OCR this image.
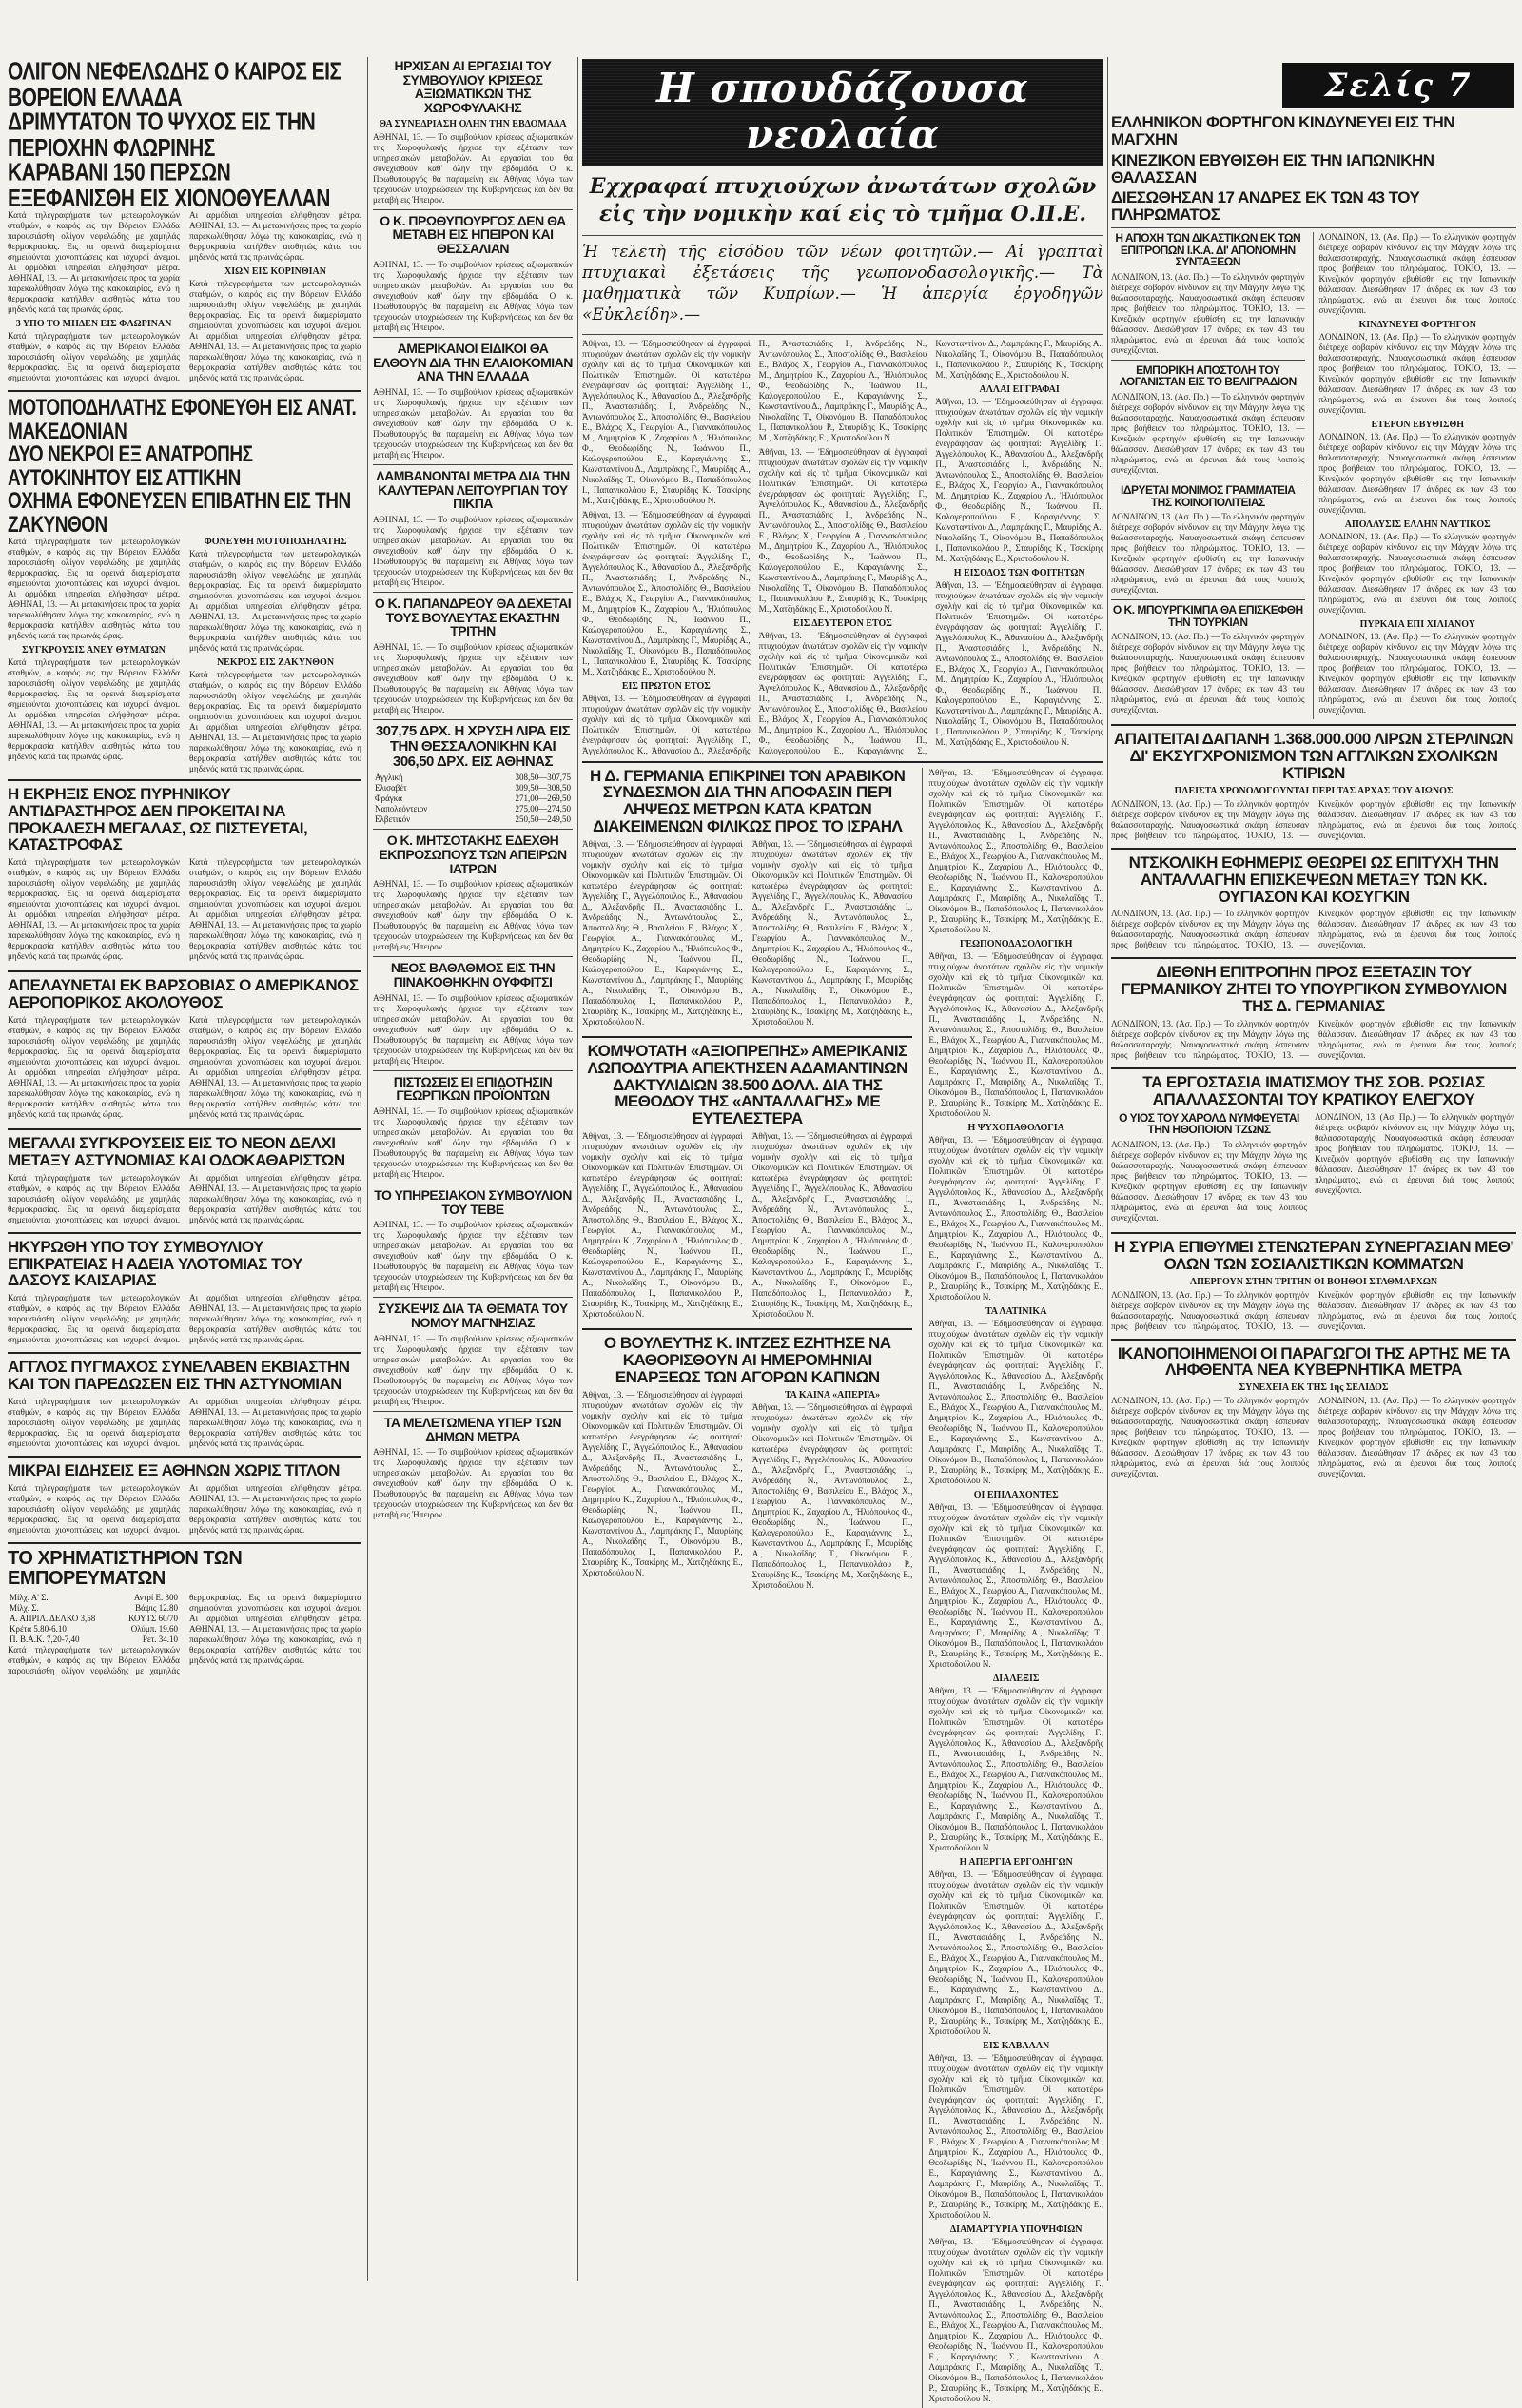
Σελίς 7
ΟΛΙΓΟΝ ΝΕΦΕΛΩΔΗΣ Ο ΚΑΙΡΟΣ ΕΙΣ ΒΟΡΕΙΟΝ ΕΛΛΑΔΑ
ΔΡΙΜΥΤΑΤΟΝ ΤΟ ΨΥΧΟΣ ΕΙΣ ΤΗΝ ΠΕΡΙΟΧΗΝ ΦΛΩΡΙΝΗΣ
ΚΑΡΑΒΑΝΙ 150 ΠΕΡΣΩΝ ΕΞΕΦΑΝΙΣΘΗ ΕΙΣ ΧΙΟΝΟΘΥΕΛΛΑΝ

Κατά τηλεγραφήματα των μετεωρολογικών σταθμών, ο καιρός εις την Βόρειον Ελλάδα παρουσιάσθη ολίγον νεφελώδης με χαμηλάς θερμοκρασίας. Εις τα ορεινά διαμερίσματα σημειούνται χιονοπτώσεις και ισχυροί άνεμοι. Αι αρμόδιαι υπηρεσίαι ελήφθησαν μέτρα. ΑΘΗΝΑΙ, 13. — Αι μετακινήσεις προς τα χωρία παρεκωλύθησαν λόγω της κακοκαιρίας, ενώ η θερμοκρασία κατήλθεν αισθητώς κάτω του μηδενός κατά τας πρωινάς ώρας.

3 ΥΠΟ ΤΟ ΜΗΔΕΝ ΕΙΣ ΦΛΩΡΙΝΑΝ

Κατά τηλεγραφήματα των μετεωρολογικών σταθμών, ο καιρός εις την Βόρειον Ελλάδα παρουσιάσθη ολίγον νεφελώδης με χαμηλάς θερμοκρασίας. Εις τα ορεινά διαμερίσματα σημειούνται χιονοπτώσεις και ισχυροί άνεμοι. Αι αρμόδιαι υπηρεσίαι ελήφθησαν μέτρα. ΑΘΗΝΑΙ, 13. — Αι μετακινήσεις προς τα χωρία παρεκωλύθησαν λόγω της κακοκαιρίας, ενώ η θερμοκρασία κατήλθεν αισθητώς κάτω του μηδενός κατά τας πρωινάς ώρας.

ΧΙΩΝ ΕΙΣ ΚΟΡΙΝΘΙΑΝ

Κατά τηλεγραφήματα των μετεωρολογικών σταθμών, ο καιρός εις την Βόρειον Ελλάδα παρουσιάσθη ολίγον νεφελώδης με χαμηλάς θερμοκρασίας. Εις τα ορεινά διαμερίσματα σημειούνται χιονοπτώσεις και ισχυροί άνεμοι. Αι αρμόδιαι υπηρεσίαι ελήφθησαν μέτρα. ΑΘΗΝΑΙ, 13. — Αι μετακινήσεις προς τα χωρία παρεκωλύθησαν λόγω της κακοκαιρίας, ενώ η θερμοκρασία κατήλθεν αισθητώς κάτω του μηδενός κατά τας πρωινάς ώρας.

ΜΟΤΟΠΟΔΗΛΑΤΗΣ ΕΦΟΝΕΥΘΗ ΕΙΣ ΑΝΑΤ. ΜΑΚΕΔΟΝΙΑΝ
ΔΥΟ ΝΕΚΡΟΙ ΕΞ ΑΝΑΤΡΟΠΗΣ ΑΥΤΟΚΙΝΗΤΟΥ ΕΙΣ ΑΤΤΙΚΗΝ
ΟΧΗΜΑ ΕΦΟΝΕΥΣΕΝ ΕΠΙΒΑΤΗΝ ΕΙΣ ΤΗΝ ΖΑΚΥΝΘΟΝ

Κατά τηλεγραφήματα των μετεωρολογικών σταθμών, ο καιρός εις την Βόρειον Ελλάδα παρουσιάσθη ολίγον νεφελώδης με χαμηλάς θερμοκρασίας. Εις τα ορεινά διαμερίσματα σημειούνται χιονοπτώσεις και ισχυροί άνεμοι. Αι αρμόδιαι υπηρεσίαι ελήφθησαν μέτρα. ΑΘΗΝΑΙ, 13. — Αι μετακινήσεις προς τα χωρία παρεκωλύθησαν λόγω της κακοκαιρίας, ενώ η θερμοκρασία κατήλθεν αισθητώς κάτω του μηδενός κατά τας πρωινάς ώρας.

ΣΥΓΚΡΟΥΣΙΣ ΑΝΕΥ ΘΥΜΑΤΩΝ

Κατά τηλεγραφήματα των μετεωρολογικών σταθμών, ο καιρός εις την Βόρειον Ελλάδα παρουσιάσθη ολίγον νεφελώδης με χαμηλάς θερμοκρασίας. Εις τα ορεινά διαμερίσματα σημειούνται χιονοπτώσεις και ισχυροί άνεμοι. Αι αρμόδιαι υπηρεσίαι ελήφθησαν μέτρα. ΑΘΗΝΑΙ, 13. — Αι μετακινήσεις προς τα χωρία παρεκωλύθησαν λόγω της κακοκαιρίας, ενώ η θερμοκρασία κατήλθεν αισθητώς κάτω του μηδενός κατά τας πρωινάς ώρας.

ΦΟΝΕΥΘΗ ΜΟΤΟΠΟΔΗΛΑΤΗΣ

Κατά τηλεγραφήματα των μετεωρολογικών σταθμών, ο καιρός εις την Βόρειον Ελλάδα παρουσιάσθη ολίγον νεφελώδης με χαμηλάς θερμοκρασίας. Εις τα ορεινά διαμερίσματα σημειούνται χιονοπτώσεις και ισχυροί άνεμοι. Αι αρμόδιαι υπηρεσίαι ελήφθησαν μέτρα. ΑΘΗΝΑΙ, 13. — Αι μετακινήσεις προς τα χωρία παρεκωλύθησαν λόγω της κακοκαιρίας, ενώ η θερμοκρασία κατήλθεν αισθητώς κάτω του μηδενός κατά τας πρωινάς ώρας.

ΝΕΚΡΟΣ ΕΙΣ ΖΑΚΥΝΘΟΝ

Κατά τηλεγραφήματα των μετεωρολογικών σταθμών, ο καιρός εις την Βόρειον Ελλάδα παρουσιάσθη ολίγον νεφελώδης με χαμηλάς θερμοκρασίας. Εις τα ορεινά διαμερίσματα σημειούνται χιονοπτώσεις και ισχυροί άνεμοι. Αι αρμόδιαι υπηρεσίαι ελήφθησαν μέτρα. ΑΘΗΝΑΙ, 13. — Αι μετακινήσεις προς τα χωρία παρεκωλύθησαν λόγω της κακοκαιρίας, ενώ η θερμοκρασία κατήλθεν αισθητώς κάτω του μηδενός κατά τας πρωινάς ώρας.

Η ΕΚΡΗΞΙΣ ΕΝΟΣ ΠΥΡΗΝΙΚΟΥ ΑΝΤΙΔΡΑΣΤΗΡΟΣ ΔΕΝ ΠΡΟΚΕΙΤΑΙ ΝΑ ΠΡΟΚΑΛΕΣΗ ΜΕΓΑΛΑΣ, ΩΣ ΠΙΣΤΕΥΕΤΑΙ, ΚΑΤΑΣΤΡΟΦΑΣ

Κατά τηλεγραφήματα των μετεωρολογικών σταθμών, ο καιρός εις την Βόρειον Ελλάδα παρουσιάσθη ολίγον νεφελώδης με χαμηλάς θερμοκρασίας. Εις τα ορεινά διαμερίσματα σημειούνται χιονοπτώσεις και ισχυροί άνεμοι. Αι αρμόδιαι υπηρεσίαι ελήφθησαν μέτρα. ΑΘΗΝΑΙ, 13. — Αι μετακινήσεις προς τα χωρία παρεκωλύθησαν λόγω της κακοκαιρίας, ενώ η θερμοκρασία κατήλθεν αισθητώς κάτω του μηδενός κατά τας πρωινάς ώρας.

Κατά τηλεγραφήματα των μετεωρολογικών σταθμών, ο καιρός εις την Βόρειον Ελλάδα παρουσιάσθη ολίγον νεφελώδης με χαμηλάς θερμοκρασίας. Εις τα ορεινά διαμερίσματα σημειούνται χιονοπτώσεις και ισχυροί άνεμοι. Αι αρμόδιαι υπηρεσίαι ελήφθησαν μέτρα. ΑΘΗΝΑΙ, 13. — Αι μετακινήσεις προς τα χωρία παρεκωλύθησαν λόγω της κακοκαιρίας, ενώ η θερμοκρασία κατήλθεν αισθητώς κάτω του μηδενός κατά τας πρωινάς ώρας.

ΑΠΕΛΑΥΝΕΤΑΙ ΕΚ ΒΑΡΣΟΒΙΑΣ Ο ΑΜΕΡΙΚΑΝΟΣ ΑΕΡΟΠΟΡΙΚΟΣ ΑΚΟΛΟΥΘΟΣ

Κατά τηλεγραφήματα των μετεωρολογικών σταθμών, ο καιρός εις την Βόρειον Ελλάδα παρουσιάσθη ολίγον νεφελώδης με χαμηλάς θερμοκρασίας. Εις τα ορεινά διαμερίσματα σημειούνται χιονοπτώσεις και ισχυροί άνεμοι. Αι αρμόδιαι υπηρεσίαι ελήφθησαν μέτρα. ΑΘΗΝΑΙ, 13. — Αι μετακινήσεις προς τα χωρία παρεκωλύθησαν λόγω της κακοκαιρίας, ενώ η θερμοκρασία κατήλθεν αισθητώς κάτω του μηδενός κατά τας πρωινάς ώρας.

Κατά τηλεγραφήματα των μετεωρολογικών σταθμών, ο καιρός εις την Βόρειον Ελλάδα παρουσιάσθη ολίγον νεφελώδης με χαμηλάς θερμοκρασίας. Εις τα ορεινά διαμερίσματα σημειούνται χιονοπτώσεις και ισχυροί άνεμοι. Αι αρμόδιαι υπηρεσίαι ελήφθησαν μέτρα. ΑΘΗΝΑΙ, 13. — Αι μετακινήσεις προς τα χωρία παρεκωλύθησαν λόγω της κακοκαιρίας, ενώ η θερμοκρασία κατήλθεν αισθητώς κάτω του μηδενός κατά τας πρωινάς ώρας.

ΜΕΓΑΛΑΙ ΣΥΓΚΡΟΥΣΕΙΣ ΕΙΣ ΤΟ ΝΕΟΝ ΔΕΛΧΙ ΜΕΤΑΞΥ ΑΣΤΥΝΟΜΙΑΣ ΚΑΙ ΟΔΟΚΑΘΑΡΙΣΤΩΝ

Κατά τηλεγραφήματα των μετεωρολογικών σταθμών, ο καιρός εις την Βόρειον Ελλάδα παρουσιάσθη ολίγον νεφελώδης με χαμηλάς θερμοκρασίας. Εις τα ορεινά διαμερίσματα σημειούνται χιονοπτώσεις και ισχυροί άνεμοι. Αι αρμόδιαι υπηρεσίαι ελήφθησαν μέτρα. ΑΘΗΝΑΙ, 13. — Αι μετακινήσεις προς τα χωρία παρεκωλύθησαν λόγω της κακοκαιρίας, ενώ η θερμοκρασία κατήλθεν αισθητώς κάτω του μηδενός κατά τας πρωινάς ώρας.

ΗΚΥΡΩΘΗ ΥΠΟ ΤΟΥ ΣΥΜΒΟΥΛΙΟΥ ΕΠΙΚΡΑΤΕΙΑΣ Η ΑΔΕΙΑ ΥΛΟΤΟΜΙΑΣ ΤΟΥ ΔΑΣΟΥΣ ΚΑΙΣΑΡΙΑΣ

Κατά τηλεγραφήματα των μετεωρολογικών σταθμών, ο καιρός εις την Βόρειον Ελλάδα παρουσιάσθη ολίγον νεφελώδης με χαμηλάς θερμοκρασίας. Εις τα ορεινά διαμερίσματα σημειούνται χιονοπτώσεις και ισχυροί άνεμοι. Αι αρμόδιαι υπηρεσίαι ελήφθησαν μέτρα. ΑΘΗΝΑΙ, 13. — Αι μετακινήσεις προς τα χωρία παρεκωλύθησαν λόγω της κακοκαιρίας, ενώ η θερμοκρασία κατήλθεν αισθητώς κάτω του μηδενός κατά τας πρωινάς ώρας.

ΑΓΓΛΟΣ ΠΥΓΜΑΧΟΣ ΣΥΝΕΛΑΒΕΝ ΕΚΒΙΑΣΤΗΝ ΚΑΙ ΤΟΝ ΠΑΡΕΔΩΣΕΝ ΕΙΣ ΤΗΝ ΑΣΤΥΝΟΜΙΑΝ

Κατά τηλεγραφήματα των μετεωρολογικών σταθμών, ο καιρός εις την Βόρειον Ελλάδα παρουσιάσθη ολίγον νεφελώδης με χαμηλάς θερμοκρασίας. Εις τα ορεινά διαμερίσματα σημειούνται χιονοπτώσεις και ισχυροί άνεμοι. Αι αρμόδιαι υπηρεσίαι ελήφθησαν μέτρα. ΑΘΗΝΑΙ, 13. — Αι μετακινήσεις προς τα χωρία παρεκωλύθησαν λόγω της κακοκαιρίας, ενώ η θερμοκρασία κατήλθεν αισθητώς κάτω του μηδενός κατά τας πρωινάς ώρας.

ΜΙΚΡΑΙ ΕΙΔΗΣΕΙΣ ΕΞ ΑΘΗΝΩΝ ΧΩΡΙΣ ΤΙΤΛΟΝ

Κατά τηλεγραφήματα των μετεωρολογικών σταθμών, ο καιρός εις την Βόρειον Ελλάδα παρουσιάσθη ολίγον νεφελώδης με χαμηλάς θερμοκρασίας. Εις τα ορεινά διαμερίσματα σημειούνται χιονοπτώσεις και ισχυροί άνεμοι. Αι αρμόδιαι υπηρεσίαι ελήφθησαν μέτρα. ΑΘΗΝΑΙ, 13. — Αι μετακινήσεις προς τα χωρία παρεκωλύθησαν λόγω της κακοκαιρίας, ενώ η θερμοκρασία κατήλθεν αισθητώς κάτω του μηδενός κατά τας πρωινάς ώρας.

ΤΟ ΧΡΗΜΑΤΙΣΤΗΡΙΟΝ ΤΩΝ ΕΜΠΟΡΕΥΜΑΤΩΝ
Μίλχ. Α' Σ.	Αντρί Ε. 300
Μίλχ. Σ.	Βάψις 12.80
Α. ΑΠΡΙΛ. ΔΕΛΚΟ 3,58	ΚΟΥΤΣ 60/70
Κρέτα 5.80-6.10	Ολύμπ. 19.60
Π. Β.Α.Κ. 7,20-7,40	Ρετ. 34.10

Κατά τηλεγραφήματα των μετεωρολογικών σταθμών, ο καιρός εις την Βόρειον Ελλάδα παρουσιάσθη ολίγον νεφελώδης με χαμηλάς θερμοκρασίας. Εις τα ορεινά διαμερίσματα σημειούνται χιονοπτώσεις και ισχυροί άνεμοι. Αι αρμόδιαι υπηρεσίαι ελήφθησαν μέτρα. ΑΘΗΝΑΙ, 13. — Αι μετακινήσεις προς τα χωρία παρεκωλύθησαν λόγω της κακοκαιρίας, ενώ η θερμοκρασία κατήλθεν αισθητώς κάτω του μηδενός κατά τας πρωινάς ώρας.

ΗΡΧΙΣΑΝ ΑΙ ΕΡΓΑΣΙΑΙ ΤΟΥ ΣΥΜΒΟΥΛΙΟΥ ΚΡΙΣΕΩΣ ΑΞΙΩΜΑΤΙΚΩΝ ΤΗΣ ΧΩΡΟΦΥΛΑΚΗΣ
ΘΑ ΣΥΝΕΔΡΙΑΣΗ ΟΛΗΝ ΤΗΝ ΕΒΔΟΜΑΔΑ

ΑΘΗΝΑΙ, 13. — Το συμβούλιον κρίσεως αξιωματικών της Χωροφυλακής ήρχισε την εξέτασιν των υπηρεσιακών μεταβολών. Αι εργασίαι του θα συνεχισθούν καθ' όλην την εβδομάδα. Ο κ. Πρωθυπουργός θα παραμείνη εις Αθήνας λόγω των τρεχουσών υποχρεώσεων της Κυβερνήσεως και δεν θα μεταβή εις Ήπειρον.

Ο Κ. ΠΡΩΘΥΠΟΥΡΓΟΣ ΔΕΝ ΘΑ ΜΕΤΑΒΗ ΕΙΣ ΗΠΕΙΡΟΝ ΚΑΙ ΘΕΣΣΑΛΙΑΝ

ΑΘΗΝΑΙ, 13. — Το συμβούλιον κρίσεως αξιωματικών της Χωροφυλακής ήρχισε την εξέτασιν των υπηρεσιακών μεταβολών. Αι εργασίαι του θα συνεχισθούν καθ' όλην την εβδομάδα. Ο κ. Πρωθυπουργός θα παραμείνη εις Αθήνας λόγω των τρεχουσών υποχρεώσεων της Κυβερνήσεως και δεν θα μεταβή εις Ήπειρον.

ΑΜΕΡΙΚΑΝΟΙ ΕΙΔΙΚΟΙ ΘΑ ΕΛΘΟΥΝ ΔΙΑ ΤΗΝ ΕΛΑΙΟΚΟΜΙΑΝ ΑΝΑ ΤΗΝ ΕΛΛΑΔΑ

ΑΘΗΝΑΙ, 13. — Το συμβούλιον κρίσεως αξιωματικών της Χωροφυλακής ήρχισε την εξέτασιν των υπηρεσιακών μεταβολών. Αι εργασίαι του θα συνεχισθούν καθ' όλην την εβδομάδα. Ο κ. Πρωθυπουργός θα παραμείνη εις Αθήνας λόγω των τρεχουσών υποχρεώσεων της Κυβερνήσεως και δεν θα μεταβή εις Ήπειρον.

ΛΑΜΒΑΝΟΝΤΑΙ ΜΕΤΡΑ ΔΙΑ ΤΗΝ ΚΑΛΥΤΕΡΑΝ ΛΕΙΤΟΥΡΓΙΑΝ ΤΟΥ ΠΙΚΠΑ

ΑΘΗΝΑΙ, 13. — Το συμβούλιον κρίσεως αξιωματικών της Χωροφυλακής ήρχισε την εξέτασιν των υπηρεσιακών μεταβολών. Αι εργασίαι του θα συνεχισθούν καθ' όλην την εβδομάδα. Ο κ. Πρωθυπουργός θα παραμείνη εις Αθήνας λόγω των τρεχουσών υποχρεώσεων της Κυβερνήσεως και δεν θα μεταβή εις Ήπειρον.

Ο Κ. ΠΑΠΑΝΔΡΕΟΥ ΘΑ ΔΕΧΕΤΑΙ ΤΟΥΣ ΒΟΥΛΕΥΤΑΣ ΕΚΑΣΤΗΝ ΤΡΙΤΗΝ

ΑΘΗΝΑΙ, 13. — Το συμβούλιον κρίσεως αξιωματικών της Χωροφυλακής ήρχισε την εξέτασιν των υπηρεσιακών μεταβολών. Αι εργασίαι του θα συνεχισθούν καθ' όλην την εβδομάδα. Ο κ. Πρωθυπουργός θα παραμείνη εις Αθήνας λόγω των τρεχουσών υποχρεώσεων της Κυβερνήσεως και δεν θα μεταβή εις Ήπειρον.

307,75 ΔΡΧ. Η ΧΡΥΣΗ ΛΙΡΑ ΕΙΣ ΤΗΝ ΘΕΣΣΑΛΟΝΙΚΗΝ ΚΑΙ 306,50 ΔΡΧ. ΕΙΣ ΑΘΗΝΑΣ
Αγγλική	308,50—307,75
Ελισαβέτ	309,50—308,50
Φράγκα	271,00—269,50
Ναπολεόντειον	275,00—274,50
Ελβετικόν	250,50—249,50
Ο Κ. ΜΗΤΣΟΤΑΚΗΣ ΕΔΕΧΘΗ ΕΚΠΡΟΣΩΠΟΥΣ ΤΩΝ ΑΠΕΙΡΩΝ ΙΑΤΡΩΝ

ΑΘΗΝΑΙ, 13. — Το συμβούλιον κρίσεως αξιωματικών της Χωροφυλακής ήρχισε την εξέτασιν των υπηρεσιακών μεταβολών. Αι εργασίαι του θα συνεχισθούν καθ' όλην την εβδομάδα. Ο κ. Πρωθυπουργός θα παραμείνη εις Αθήνας λόγω των τρεχουσών υποχρεώσεων της Κυβερνήσεως και δεν θα μεταβή εις Ήπειρον.

ΝΕΟΣ ΒΑΘΑΘΜΟΣ ΕΙΣ ΤΗΝ ΠΙΝΑΚΟΘΗΚΗΝ ΟΥΦΦΙΤΣΙ

ΑΘΗΝΑΙ, 13. — Το συμβούλιον κρίσεως αξιωματικών της Χωροφυλακής ήρχισε την εξέτασιν των υπηρεσιακών μεταβολών. Αι εργασίαι του θα συνεχισθούν καθ' όλην την εβδομάδα. Ο κ. Πρωθυπουργός θα παραμείνη εις Αθήνας λόγω των τρεχουσών υποχρεώσεων της Κυβερνήσεως και δεν θα μεταβή εις Ήπειρον.

ΠΙΣΤΩΣΕΙΣ ΕΙ ΕΠΙΔΟΤΗΣΙΝ ΓΕΩΡΓΙΚΩΝ ΠΡΟΪΟΝΤΩΝ

ΑΘΗΝΑΙ, 13. — Το συμβούλιον κρίσεως αξιωματικών της Χωροφυλακής ήρχισε την εξέτασιν των υπηρεσιακών μεταβολών. Αι εργασίαι του θα συνεχισθούν καθ' όλην την εβδομάδα. Ο κ. Πρωθυπουργός θα παραμείνη εις Αθήνας λόγω των τρεχουσών υποχρεώσεων της Κυβερνήσεως και δεν θα μεταβή εις Ήπειρον.

ΤΟ ΥΠΗΡΕΣΙΑΚΟΝ ΣΥΜΒΟΥΛΙΟΝ ΤΟΥ ΤΕΒΕ

ΑΘΗΝΑΙ, 13. — Το συμβούλιον κρίσεως αξιωματικών της Χωροφυλακής ήρχισε την εξέτασιν των υπηρεσιακών μεταβολών. Αι εργασίαι του θα συνεχισθούν καθ' όλην την εβδομάδα. Ο κ. Πρωθυπουργός θα παραμείνη εις Αθήνας λόγω των τρεχουσών υποχρεώσεων της Κυβερνήσεως και δεν θα μεταβή εις Ήπειρον.

ΣΥΣΚΕΨΙΣ ΔΙΑ ΤΑ ΘΕΜΑΤΑ ΤΟΥ ΝΟΜΟΥ ΜΑΓΝΗΣΙΑΣ

ΑΘΗΝΑΙ, 13. — Το συμβούλιον κρίσεως αξιωματικών της Χωροφυλακής ήρχισε την εξέτασιν των υπηρεσιακών μεταβολών. Αι εργασίαι του θα συνεχισθούν καθ' όλην την εβδομάδα. Ο κ. Πρωθυπουργός θα παραμείνη εις Αθήνας λόγω των τρεχουσών υποχρεώσεων της Κυβερνήσεως και δεν θα μεταβή εις Ήπειρον.

ΤΑ ΜΕΛΕΤΩΜΕΝΑ ΥΠΕΡ ΤΩΝ ΔΗΜΩΝ ΜΕΤΡΑ

ΑΘΗΝΑΙ, 13. — Το συμβούλιον κρίσεως αξιωματικών της Χωροφυλακής ήρχισε την εξέτασιν των υπηρεσιακών μεταβολών. Αι εργασίαι του θα συνεχισθούν καθ' όλην την εβδομάδα. Ο κ. Πρωθυπουργός θα παραμείνη εις Αθήνας λόγω των τρεχουσών υποχρεώσεων της Κυβερνήσεως και δεν θα μεταβή εις Ήπειρον.

Η σπουδάζουσα νεολαία
Εχχραφαί πτυχιούχων ἀνωτάτων σχολῶν εἰς τὴν νομικὴν καί εἰς τὸ τμῆμα Ο.Π.Ε.
Ἡ τελετὴ τῆς εἰσόδου τῶν νέων φοιτητῶν.— Αἱ γραπταὶ πτυχιακαὶ ἐξετάσεις τῆς γεωπονοδασολογικῆς.— Τὰ μαθηματικὰ τῶν Κυπρίων.— Ἡ ἀπεργία ἐργοδηγῶν «Εὐκλείδη».—

Ἀθῆναι, 13. — Ἐδημοσιεύθησαν αἱ ἐγγραφαὶ πτυχιούχων ἀνωτάτων σχολῶν εἰς τὴν νομικὴν σχολὴν καὶ εἰς τὸ τμῆμα Οἰκονομικῶν καὶ Πολιτικῶν Ἐπιστημῶν. Οἱ κατωτέρω ἐνεγράφησαν ὡς φοιτηταί: Ἀγγελίδης Γ., Ἀγγελόπουλος Κ., Ἀθανασίου Δ., Ἀλεξανδρῆς Π., Ἀναστασιάδης Ι., Ἀνδρεάδης Ν., Ἀντωνόπουλος Σ., Ἀποστολίδης Θ., Βασιλείου Ε., Βλάχος Χ., Γεωργίου Α., Γιαννακόπουλος Μ., Δημητρίου Κ., Ζαχαρίου Λ., Ἠλιόπουλος Φ., Θεοδωρίδης Ν., Ἰωάννου Π., Καλογεροπούλου Ε., Καραγιάννης Σ., Κωνσταντίνου Δ., Λαμπράκης Γ., Μαυρίδης Α., Νικολαΐδης Τ., Οἰκονόμου Β., Παπαδόπουλος Ι., Παπανικολάου Ρ., Σταυρίδης Κ., Τσακίρης Μ., Χατζηδάκης Ε., Χριστοδούλου Ν.

Ἀθῆναι, 13. — Ἐδημοσιεύθησαν αἱ ἐγγραφαὶ πτυχιούχων ἀνωτάτων σχολῶν εἰς τὴν νομικὴν σχολὴν καὶ εἰς τὸ τμῆμα Οἰκονομικῶν καὶ Πολιτικῶν Ἐπιστημῶν. Οἱ κατωτέρω ἐνεγράφησαν ὡς φοιτηταί: Ἀγγελίδης Γ., Ἀγγελόπουλος Κ., Ἀθανασίου Δ., Ἀλεξανδρῆς Π., Ἀναστασιάδης Ι., Ἀνδρεάδης Ν., Ἀντωνόπουλος Σ., Ἀποστολίδης Θ., Βασιλείου Ε., Βλάχος Χ., Γεωργίου Α., Γιαννακόπουλος Μ., Δημητρίου Κ., Ζαχαρίου Λ., Ἠλιόπουλος Φ., Θεοδωρίδης Ν., Ἰωάννου Π., Καλογεροπούλου Ε., Καραγιάννης Σ., Κωνσταντίνου Δ., Λαμπράκης Γ., Μαυρίδης Α., Νικολαΐδης Τ., Οἰκονόμου Β., Παπαδόπουλος Ι., Παπανικολάου Ρ., Σταυρίδης Κ., Τσακίρης Μ., Χατζηδάκης Ε., Χριστοδούλου Ν.

ΕΙΣ ΠΡΩΤΟΝ ΕΤΟΣ

Ἀθῆναι, 13. — Ἐδημοσιεύθησαν αἱ ἐγγραφαὶ πτυχιούχων ἀνωτάτων σχολῶν εἰς τὴν νομικὴν σχολὴν καὶ εἰς τὸ τμῆμα Οἰκονομικῶν καὶ Πολιτικῶν Ἐπιστημῶν. Οἱ κατωτέρω ἐνεγράφησαν ὡς φοιτηταί: Ἀγγελίδης Γ., Ἀγγελόπουλος Κ., Ἀθανασίου Δ., Ἀλεξανδρῆς Π., Ἀναστασιάδης Ι., Ἀνδρεάδης Ν., Ἀντωνόπουλος Σ., Ἀποστολίδης Θ., Βασιλείου Ε., Βλάχος Χ., Γεωργίου Α., Γιαννακόπουλος Μ., Δημητρίου Κ., Ζαχαρίου Λ., Ἠλιόπουλος Φ., Θεοδωρίδης Ν., Ἰωάννου Π., Καλογεροπούλου Ε., Καραγιάννης Σ., Κωνσταντίνου Δ., Λαμπράκης Γ., Μαυρίδης Α., Νικολαΐδης Τ., Οἰκονόμου Β., Παπαδόπουλος Ι., Παπανικολάου Ρ., Σταυρίδης Κ., Τσακίρης Μ., Χατζηδάκης Ε., Χριστοδούλου Ν.

Ἀθῆναι, 13. — Ἐδημοσιεύθησαν αἱ ἐγγραφαὶ πτυχιούχων ἀνωτάτων σχολῶν εἰς τὴν νομικὴν σχολὴν καὶ εἰς τὸ τμῆμα Οἰκονομικῶν καὶ Πολιτικῶν Ἐπιστημῶν. Οἱ κατωτέρω ἐνεγράφησαν ὡς φοιτηταί: Ἀγγελίδης Γ., Ἀγγελόπουλος Κ., Ἀθανασίου Δ., Ἀλεξανδρῆς Π., Ἀναστασιάδης Ι., Ἀνδρεάδης Ν., Ἀντωνόπουλος Σ., Ἀποστολίδης Θ., Βασιλείου Ε., Βλάχος Χ., Γεωργίου Α., Γιαννακόπουλος Μ., Δημητρίου Κ., Ζαχαρίου Λ., Ἠλιόπουλος Φ., Θεοδωρίδης Ν., Ἰωάννου Π., Καλογεροπούλου Ε., Καραγιάννης Σ., Κωνσταντίνου Δ., Λαμπράκης Γ., Μαυρίδης Α., Νικολαΐδης Τ., Οἰκονόμου Β., Παπαδόπουλος Ι., Παπανικολάου Ρ., Σταυρίδης Κ., Τσακίρης Μ., Χατζηδάκης Ε., Χριστοδούλου Ν.

ΕΙΣ ΔΕΥΤΕΡΟΝ ΕΤΟΣ

Ἀθῆναι, 13. — Ἐδημοσιεύθησαν αἱ ἐγγραφαὶ πτυχιούχων ἀνωτάτων σχολῶν εἰς τὴν νομικὴν σχολὴν καὶ εἰς τὸ τμῆμα Οἰκονομικῶν καὶ Πολιτικῶν Ἐπιστημῶν. Οἱ κατωτέρω ἐνεγράφησαν ὡς φοιτηταί: Ἀγγελίδης Γ., Ἀγγελόπουλος Κ., Ἀθανασίου Δ., Ἀλεξανδρῆς Π., Ἀναστασιάδης Ι., Ἀνδρεάδης Ν., Ἀντωνόπουλος Σ., Ἀποστολίδης Θ., Βασιλείου Ε., Βλάχος Χ., Γεωργίου Α., Γιαννακόπουλος Μ., Δημητρίου Κ., Ζαχαρίου Λ., Ἠλιόπουλος Φ., Θεοδωρίδης Ν., Ἰωάννου Π., Καλογεροπούλου Ε., Καραγιάννης Σ., Κωνσταντίνου Δ., Λαμπράκης Γ., Μαυρίδης Α., Νικολαΐδης Τ., Οἰκονόμου Β., Παπαδόπουλος Ι., Παπανικολάου Ρ., Σταυρίδης Κ., Τσακίρης Μ., Χατζηδάκης Ε., Χριστοδούλου Ν.

ΑΛΛΑΙ ΕΓΓΡΑΦΑΙ

Ἀθῆναι, 13. — Ἐδημοσιεύθησαν αἱ ἐγγραφαὶ πτυχιούχων ἀνωτάτων σχολῶν εἰς τὴν νομικὴν σχολὴν καὶ εἰς τὸ τμῆμα Οἰκονομικῶν καὶ Πολιτικῶν Ἐπιστημῶν. Οἱ κατωτέρω ἐνεγράφησαν ὡς φοιτηταί: Ἀγγελίδης Γ., Ἀγγελόπουλος Κ., Ἀθανασίου Δ., Ἀλεξανδρῆς Π., Ἀναστασιάδης Ι., Ἀνδρεάδης Ν., Ἀντωνόπουλος Σ., Ἀποστολίδης Θ., Βασιλείου Ε., Βλάχος Χ., Γεωργίου Α., Γιαννακόπουλος Μ., Δημητρίου Κ., Ζαχαρίου Λ., Ἠλιόπουλος Φ., Θεοδωρίδης Ν., Ἰωάννου Π., Καλογεροπούλου Ε., Καραγιάννης Σ., Κωνσταντίνου Δ., Λαμπράκης Γ., Μαυρίδης Α., Νικολαΐδης Τ., Οἰκονόμου Β., Παπαδόπουλος Ι., Παπανικολάου Ρ., Σταυρίδης Κ., Τσακίρης Μ., Χατζηδάκης Ε., Χριστοδούλου Ν.

Η ΕΙΣΟΔΟΣ ΤΩΝ ΦΟΙΤΗΤΩΝ

Ἀθῆναι, 13. — Ἐδημοσιεύθησαν αἱ ἐγγραφαὶ πτυχιούχων ἀνωτάτων σχολῶν εἰς τὴν νομικὴν σχολὴν καὶ εἰς τὸ τμῆμα Οἰκονομικῶν καὶ Πολιτικῶν Ἐπιστημῶν. Οἱ κατωτέρω ἐνεγράφησαν ὡς φοιτηταί: Ἀγγελίδης Γ., Ἀγγελόπουλος Κ., Ἀθανασίου Δ., Ἀλεξανδρῆς Π., Ἀναστασιάδης Ι., Ἀνδρεάδης Ν., Ἀντωνόπουλος Σ., Ἀποστολίδης Θ., Βασιλείου Ε., Βλάχος Χ., Γεωργίου Α., Γιαννακόπουλος Μ., Δημητρίου Κ., Ζαχαρίου Λ., Ἠλιόπουλος Φ., Θεοδωρίδης Ν., Ἰωάννου Π., Καλογεροπούλου Ε., Καραγιάννης Σ., Κωνσταντίνου Δ., Λαμπράκης Γ., Μαυρίδης Α., Νικολαΐδης Τ., Οἰκονόμου Β., Παπαδόπουλος Ι., Παπανικολάου Ρ., Σταυρίδης Κ., Τσακίρης Μ., Χατζηδάκης Ε., Χριστοδούλου Ν.

Η Δ. ΓΕΡΜΑΝΙΑ ΕΠΙΚΡΙΝΕΙ ΤΟΝ ΑΡΑΒΙΚΟΝ ΣΥΝΔΕΣΜΟΝ ΔΙΑ ΤΗΝ ΑΠΟΦΑΣΙΝ ΠΕΡΙ ΛΗΨΕΩΣ ΜΕΤΡΩΝ ΚΑΤΑ ΚΡΑΤΩΝ ΔΙΑΚΕΙΜΕΝΩΝ ΦΙΛΙΚΩΣ ΠΡΟΣ ΤΟ ΙΣΡΑΗΛ

Ἀθῆναι, 13. — Ἐδημοσιεύθησαν αἱ ἐγγραφαὶ πτυχιούχων ἀνωτάτων σχολῶν εἰς τὴν νομικὴν σχολὴν καὶ εἰς τὸ τμῆμα Οἰκονομικῶν καὶ Πολιτικῶν Ἐπιστημῶν. Οἱ κατωτέρω ἐνεγράφησαν ὡς φοιτηταί: Ἀγγελίδης Γ., Ἀγγελόπουλος Κ., Ἀθανασίου Δ., Ἀλεξανδρῆς Π., Ἀναστασιάδης Ι., Ἀνδρεάδης Ν., Ἀντωνόπουλος Σ., Ἀποστολίδης Θ., Βασιλείου Ε., Βλάχος Χ., Γεωργίου Α., Γιαννακόπουλος Μ., Δημητρίου Κ., Ζαχαρίου Λ., Ἠλιόπουλος Φ., Θεοδωρίδης Ν., Ἰωάννου Π., Καλογεροπούλου Ε., Καραγιάννης Σ., Κωνσταντίνου Δ., Λαμπράκης Γ., Μαυρίδης Α., Νικολαΐδης Τ., Οἰκονόμου Β., Παπαδόπουλος Ι., Παπανικολάου Ρ., Σταυρίδης Κ., Τσακίρης Μ., Χατζηδάκης Ε., Χριστοδούλου Ν.

Ἀθῆναι, 13. — Ἐδημοσιεύθησαν αἱ ἐγγραφαὶ πτυχιούχων ἀνωτάτων σχολῶν εἰς τὴν νομικὴν σχολὴν καὶ εἰς τὸ τμῆμα Οἰκονομικῶν καὶ Πολιτικῶν Ἐπιστημῶν. Οἱ κατωτέρω ἐνεγράφησαν ὡς φοιτηταί: Ἀγγελίδης Γ., Ἀγγελόπουλος Κ., Ἀθανασίου Δ., Ἀλεξανδρῆς Π., Ἀναστασιάδης Ι., Ἀνδρεάδης Ν., Ἀντωνόπουλος Σ., Ἀποστολίδης Θ., Βασιλείου Ε., Βλάχος Χ., Γεωργίου Α., Γιαννακόπουλος Μ., Δημητρίου Κ., Ζαχαρίου Λ., Ἠλιόπουλος Φ., Θεοδωρίδης Ν., Ἰωάννου Π., Καλογεροπούλου Ε., Καραγιάννης Σ., Κωνσταντίνου Δ., Λαμπράκης Γ., Μαυρίδης Α., Νικολαΐδης Τ., Οἰκονόμου Β., Παπαδόπουλος Ι., Παπανικολάου Ρ., Σταυρίδης Κ., Τσακίρης Μ., Χατζηδάκης Ε., Χριστοδούλου Ν.

ΚΟΜΨΟΤΑΤΗ «ΑΞΙΟΠΡΕΠΗΣ» ΑΜΕΡΙΚΑΝΙΣ ΛΩΠΟΔΥΤΡΙΑ ΑΠΕΚΤΗΣΕΝ ΑΔΑΜΑΝΤΙΝΩΝ ΔΑΚΤΥΛΙΔΙΩΝ 38.500 ΔΟΛΛ. ΔΙΑ ΤΗΣ ΜΕΘΟΔΟΥ ΤΗΣ «ΑΝΤΑΛΛΑΓΗΣ» ΜΕ ΕΥΤΕΛΕΣΤΕΡΑ

Ἀθῆναι, 13. — Ἐδημοσιεύθησαν αἱ ἐγγραφαὶ πτυχιούχων ἀνωτάτων σχολῶν εἰς τὴν νομικὴν σχολὴν καὶ εἰς τὸ τμῆμα Οἰκονομικῶν καὶ Πολιτικῶν Ἐπιστημῶν. Οἱ κατωτέρω ἐνεγράφησαν ὡς φοιτηταί: Ἀγγελίδης Γ., Ἀγγελόπουλος Κ., Ἀθανασίου Δ., Ἀλεξανδρῆς Π., Ἀναστασιάδης Ι., Ἀνδρεάδης Ν., Ἀντωνόπουλος Σ., Ἀποστολίδης Θ., Βασιλείου Ε., Βλάχος Χ., Γεωργίου Α., Γιαννακόπουλος Μ., Δημητρίου Κ., Ζαχαρίου Λ., Ἠλιόπουλος Φ., Θεοδωρίδης Ν., Ἰωάννου Π., Καλογεροπούλου Ε., Καραγιάννης Σ., Κωνσταντίνου Δ., Λαμπράκης Γ., Μαυρίδης Α., Νικολαΐδης Τ., Οἰκονόμου Β., Παπαδόπουλος Ι., Παπανικολάου Ρ., Σταυρίδης Κ., Τσακίρης Μ., Χατζηδάκης Ε., Χριστοδούλου Ν.

Ἀθῆναι, 13. — Ἐδημοσιεύθησαν αἱ ἐγγραφαὶ πτυχιούχων ἀνωτάτων σχολῶν εἰς τὴν νομικὴν σχολὴν καὶ εἰς τὸ τμῆμα Οἰκονομικῶν καὶ Πολιτικῶν Ἐπιστημῶν. Οἱ κατωτέρω ἐνεγράφησαν ὡς φοιτηταί: Ἀγγελίδης Γ., Ἀγγελόπουλος Κ., Ἀθανασίου Δ., Ἀλεξανδρῆς Π., Ἀναστασιάδης Ι., Ἀνδρεάδης Ν., Ἀντωνόπουλος Σ., Ἀποστολίδης Θ., Βασιλείου Ε., Βλάχος Χ., Γεωργίου Α., Γιαννακόπουλος Μ., Δημητρίου Κ., Ζαχαρίου Λ., Ἠλιόπουλος Φ., Θεοδωρίδης Ν., Ἰωάννου Π., Καλογεροπούλου Ε., Καραγιάννης Σ., Κωνσταντίνου Δ., Λαμπράκης Γ., Μαυρίδης Α., Νικολαΐδης Τ., Οἰκονόμου Β., Παπαδόπουλος Ι., Παπανικολάου Ρ., Σταυρίδης Κ., Τσακίρης Μ., Χατζηδάκης Ε., Χριστοδούλου Ν.

Ο ΒΟΥΛΕΥΤΗΣ Κ. ΙΝΤΖΕΣ ΕΖΗΤΗΣΕ ΝΑ ΚΑΘΟΡΙΣΘΟΥΝ ΑΙ ΗΜΕΡΟΜΗΝΙΑΙ ΕΝΑΡΞΕΩΣ ΤΩΝ ΑΓΟΡΩΝ ΚΑΠΝΩΝ

Ἀθῆναι, 13. — Ἐδημοσιεύθησαν αἱ ἐγγραφαὶ πτυχιούχων ἀνωτάτων σχολῶν εἰς τὴν νομικὴν σχολὴν καὶ εἰς τὸ τμῆμα Οἰκονομικῶν καὶ Πολιτικῶν Ἐπιστημῶν. Οἱ κατωτέρω ἐνεγράφησαν ὡς φοιτηταί: Ἀγγελίδης Γ., Ἀγγελόπουλος Κ., Ἀθανασίου Δ., Ἀλεξανδρῆς Π., Ἀναστασιάδης Ι., Ἀνδρεάδης Ν., Ἀντωνόπουλος Σ., Ἀποστολίδης Θ., Βασιλείου Ε., Βλάχος Χ., Γεωργίου Α., Γιαννακόπουλος Μ., Δημητρίου Κ., Ζαχαρίου Λ., Ἠλιόπουλος Φ., Θεοδωρίδης Ν., Ἰωάννου Π., Καλογεροπούλου Ε., Καραγιάννης Σ., Κωνσταντίνου Δ., Λαμπράκης Γ., Μαυρίδης Α., Νικολαΐδης Τ., Οἰκονόμου Β., Παπαδόπουλος Ι., Παπανικολάου Ρ., Σταυρίδης Κ., Τσακίρης Μ., Χατζηδάκης Ε., Χριστοδούλου Ν.

ΤΑ ΚΑΙΝΑ «ΑΠΕΡΓΑ»

Ἀθῆναι, 13. — Ἐδημοσιεύθησαν αἱ ἐγγραφαὶ πτυχιούχων ἀνωτάτων σχολῶν εἰς τὴν νομικὴν σχολὴν καὶ εἰς τὸ τμῆμα Οἰκονομικῶν καὶ Πολιτικῶν Ἐπιστημῶν. Οἱ κατωτέρω ἐνεγράφησαν ὡς φοιτηταί: Ἀγγελίδης Γ., Ἀγγελόπουλος Κ., Ἀθανασίου Δ., Ἀλεξανδρῆς Π., Ἀναστασιάδης Ι., Ἀνδρεάδης Ν., Ἀντωνόπουλος Σ., Ἀποστολίδης Θ., Βασιλείου Ε., Βλάχος Χ., Γεωργίου Α., Γιαννακόπουλος Μ., Δημητρίου Κ., Ζαχαρίου Λ., Ἠλιόπουλος Φ., Θεοδωρίδης Ν., Ἰωάννου Π., Καλογεροπούλου Ε., Καραγιάννης Σ., Κωνσταντίνου Δ., Λαμπράκης Γ., Μαυρίδης Α., Νικολαΐδης Τ., Οἰκονόμου Β., Παπαδόπουλος Ι., Παπανικολάου Ρ., Σταυρίδης Κ., Τσακίρης Μ., Χατζηδάκης Ε., Χριστοδούλου Ν.

Ἀθῆναι, 13. — Ἐδημοσιεύθησαν αἱ ἐγγραφαὶ πτυχιούχων ἀνωτάτων σχολῶν εἰς τὴν νομικὴν σχολὴν καὶ εἰς τὸ τμῆμα Οἰκονομικῶν καὶ Πολιτικῶν Ἐπιστημῶν. Οἱ κατωτέρω ἐνεγράφησαν ὡς φοιτηταί: Ἀγγελίδης Γ., Ἀγγελόπουλος Κ., Ἀθανασίου Δ., Ἀλεξανδρῆς Π., Ἀναστασιάδης Ι., Ἀνδρεάδης Ν., Ἀντωνόπουλος Σ., Ἀποστολίδης Θ., Βασιλείου Ε., Βλάχος Χ., Γεωργίου Α., Γιαννακόπουλος Μ., Δημητρίου Κ., Ζαχαρίου Λ., Ἠλιόπουλος Φ., Θεοδωρίδης Ν., Ἰωάννου Π., Καλογεροπούλου Ε., Καραγιάννης Σ., Κωνσταντίνου Δ., Λαμπράκης Γ., Μαυρίδης Α., Νικολαΐδης Τ., Οἰκονόμου Β., Παπαδόπουλος Ι., Παπανικολάου Ρ., Σταυρίδης Κ., Τσακίρης Μ., Χατζηδάκης Ε., Χριστοδούλου Ν.

ΓΕΩΠΟΝΟΔΑΣΟΛΟΓΙΚΗ

Ἀθῆναι, 13. — Ἐδημοσιεύθησαν αἱ ἐγγραφαὶ πτυχιούχων ἀνωτάτων σχολῶν εἰς τὴν νομικὴν σχολὴν καὶ εἰς τὸ τμῆμα Οἰκονομικῶν καὶ Πολιτικῶν Ἐπιστημῶν. Οἱ κατωτέρω ἐνεγράφησαν ὡς φοιτηταί: Ἀγγελίδης Γ., Ἀγγελόπουλος Κ., Ἀθανασίου Δ., Ἀλεξανδρῆς Π., Ἀναστασιάδης Ι., Ἀνδρεάδης Ν., Ἀντωνόπουλος Σ., Ἀποστολίδης Θ., Βασιλείου Ε., Βλάχος Χ., Γεωργίου Α., Γιαννακόπουλος Μ., Δημητρίου Κ., Ζαχαρίου Λ., Ἠλιόπουλος Φ., Θεοδωρίδης Ν., Ἰωάννου Π., Καλογεροπούλου Ε., Καραγιάννης Σ., Κωνσταντίνου Δ., Λαμπράκης Γ., Μαυρίδης Α., Νικολαΐδης Τ., Οἰκονόμου Β., Παπαδόπουλος Ι., Παπανικολάου Ρ., Σταυρίδης Κ., Τσακίρης Μ., Χατζηδάκης Ε., Χριστοδούλου Ν.

Η ΨΥΧΟΠΑΘΟΛΟΓΙΑ

Ἀθῆναι, 13. — Ἐδημοσιεύθησαν αἱ ἐγγραφαὶ πτυχιούχων ἀνωτάτων σχολῶν εἰς τὴν νομικὴν σχολὴν καὶ εἰς τὸ τμῆμα Οἰκονομικῶν καὶ Πολιτικῶν Ἐπιστημῶν. Οἱ κατωτέρω ἐνεγράφησαν ὡς φοιτηταί: Ἀγγελίδης Γ., Ἀγγελόπουλος Κ., Ἀθανασίου Δ., Ἀλεξανδρῆς Π., Ἀναστασιάδης Ι., Ἀνδρεάδης Ν., Ἀντωνόπουλος Σ., Ἀποστολίδης Θ., Βασιλείου Ε., Βλάχος Χ., Γεωργίου Α., Γιαννακόπουλος Μ., Δημητρίου Κ., Ζαχαρίου Λ., Ἠλιόπουλος Φ., Θεοδωρίδης Ν., Ἰωάννου Π., Καλογεροπούλου Ε., Καραγιάννης Σ., Κωνσταντίνου Δ., Λαμπράκης Γ., Μαυρίδης Α., Νικολαΐδης Τ., Οἰκονόμου Β., Παπαδόπουλος Ι., Παπανικολάου Ρ., Σταυρίδης Κ., Τσακίρης Μ., Χατζηδάκης Ε., Χριστοδούλου Ν.

ΤΑ ΛΑΤΙΝΙΚΑ

Ἀθῆναι, 13. — Ἐδημοσιεύθησαν αἱ ἐγγραφαὶ πτυχιούχων ἀνωτάτων σχολῶν εἰς τὴν νομικὴν σχολὴν καὶ εἰς τὸ τμῆμα Οἰκονομικῶν καὶ Πολιτικῶν Ἐπιστημῶν. Οἱ κατωτέρω ἐνεγράφησαν ὡς φοιτηταί: Ἀγγελίδης Γ., Ἀγγελόπουλος Κ., Ἀθανασίου Δ., Ἀλεξανδρῆς Π., Ἀναστασιάδης Ι., Ἀνδρεάδης Ν., Ἀντωνόπουλος Σ., Ἀποστολίδης Θ., Βασιλείου Ε., Βλάχος Χ., Γεωργίου Α., Γιαννακόπουλος Μ., Δημητρίου Κ., Ζαχαρίου Λ., Ἠλιόπουλος Φ., Θεοδωρίδης Ν., Ἰωάννου Π., Καλογεροπούλου Ε., Καραγιάννης Σ., Κωνσταντίνου Δ., Λαμπράκης Γ., Μαυρίδης Α., Νικολαΐδης Τ., Οἰκονόμου Β., Παπαδόπουλος Ι., Παπανικολάου Ρ., Σταυρίδης Κ., Τσακίρης Μ., Χατζηδάκης Ε., Χριστοδούλου Ν.

ΟΙ ΕΠΙΛΑΧΟΝΤΕΣ

Ἀθῆναι, 13. — Ἐδημοσιεύθησαν αἱ ἐγγραφαὶ πτυχιούχων ἀνωτάτων σχολῶν εἰς τὴν νομικὴν σχολὴν καὶ εἰς τὸ τμῆμα Οἰκονομικῶν καὶ Πολιτικῶν Ἐπιστημῶν. Οἱ κατωτέρω ἐνεγράφησαν ὡς φοιτηταί: Ἀγγελίδης Γ., Ἀγγελόπουλος Κ., Ἀθανασίου Δ., Ἀλεξανδρῆς Π., Ἀναστασιάδης Ι., Ἀνδρεάδης Ν., Ἀντωνόπουλος Σ., Ἀποστολίδης Θ., Βασιλείου Ε., Βλάχος Χ., Γεωργίου Α., Γιαννακόπουλος Μ., Δημητρίου Κ., Ζαχαρίου Λ., Ἠλιόπουλος Φ., Θεοδωρίδης Ν., Ἰωάννου Π., Καλογεροπούλου Ε., Καραγιάννης Σ., Κωνσταντίνου Δ., Λαμπράκης Γ., Μαυρίδης Α., Νικολαΐδης Τ., Οἰκονόμου Β., Παπαδόπουλος Ι., Παπανικολάου Ρ., Σταυρίδης Κ., Τσακίρης Μ., Χατζηδάκης Ε., Χριστοδούλου Ν.

ΔΙΑΛΕΞΙΣ

Ἀθῆναι, 13. — Ἐδημοσιεύθησαν αἱ ἐγγραφαὶ πτυχιούχων ἀνωτάτων σχολῶν εἰς τὴν νομικὴν σχολὴν καὶ εἰς τὸ τμῆμα Οἰκονομικῶν καὶ Πολιτικῶν Ἐπιστημῶν. Οἱ κατωτέρω ἐνεγράφησαν ὡς φοιτηταί: Ἀγγελίδης Γ., Ἀγγελόπουλος Κ., Ἀθανασίου Δ., Ἀλεξανδρῆς Π., Ἀναστασιάδης Ι., Ἀνδρεάδης Ν., Ἀντωνόπουλος Σ., Ἀποστολίδης Θ., Βασιλείου Ε., Βλάχος Χ., Γεωργίου Α., Γιαννακόπουλος Μ., Δημητρίου Κ., Ζαχαρίου Λ., Ἠλιόπουλος Φ., Θεοδωρίδης Ν., Ἰωάννου Π., Καλογεροπούλου Ε., Καραγιάννης Σ., Κωνσταντίνου Δ., Λαμπράκης Γ., Μαυρίδης Α., Νικολαΐδης Τ., Οἰκονόμου Β., Παπαδόπουλος Ι., Παπανικολάου Ρ., Σταυρίδης Κ., Τσακίρης Μ., Χατζηδάκης Ε., Χριστοδούλου Ν.

Η ΑΠΕΡΓΙΑ ΕΡΓΟΔΗΓΩΝ

Ἀθῆναι, 13. — Ἐδημοσιεύθησαν αἱ ἐγγραφαὶ πτυχιούχων ἀνωτάτων σχολῶν εἰς τὴν νομικὴν σχολὴν καὶ εἰς τὸ τμῆμα Οἰκονομικῶν καὶ Πολιτικῶν Ἐπιστημῶν. Οἱ κατωτέρω ἐνεγράφησαν ὡς φοιτηταί: Ἀγγελίδης Γ., Ἀγγελόπουλος Κ., Ἀθανασίου Δ., Ἀλεξανδρῆς Π., Ἀναστασιάδης Ι., Ἀνδρεάδης Ν., Ἀντωνόπουλος Σ., Ἀποστολίδης Θ., Βασιλείου Ε., Βλάχος Χ., Γεωργίου Α., Γιαννακόπουλος Μ., Δημητρίου Κ., Ζαχαρίου Λ., Ἠλιόπουλος Φ., Θεοδωρίδης Ν., Ἰωάννου Π., Καλογεροπούλου Ε., Καραγιάννης Σ., Κωνσταντίνου Δ., Λαμπράκης Γ., Μαυρίδης Α., Νικολαΐδης Τ., Οἰκονόμου Β., Παπαδόπουλος Ι., Παπανικολάου Ρ., Σταυρίδης Κ., Τσακίρης Μ., Χατζηδάκης Ε., Χριστοδούλου Ν.

ΕΙΣ ΚΑΒΑΛΑΝ

Ἀθῆναι, 13. — Ἐδημοσιεύθησαν αἱ ἐγγραφαὶ πτυχιούχων ἀνωτάτων σχολῶν εἰς τὴν νομικὴν σχολὴν καὶ εἰς τὸ τμῆμα Οἰκονομικῶν καὶ Πολιτικῶν Ἐπιστημῶν. Οἱ κατωτέρω ἐνεγράφησαν ὡς φοιτηταί: Ἀγγελίδης Γ., Ἀγγελόπουλος Κ., Ἀθανασίου Δ., Ἀλεξανδρῆς Π., Ἀναστασιάδης Ι., Ἀνδρεάδης Ν., Ἀντωνόπουλος Σ., Ἀποστολίδης Θ., Βασιλείου Ε., Βλάχος Χ., Γεωργίου Α., Γιαννακόπουλος Μ., Δημητρίου Κ., Ζαχαρίου Λ., Ἠλιόπουλος Φ., Θεοδωρίδης Ν., Ἰωάννου Π., Καλογεροπούλου Ε., Καραγιάννης Σ., Κωνσταντίνου Δ., Λαμπράκης Γ., Μαυρίδης Α., Νικολαΐδης Τ., Οἰκονόμου Β., Παπαδόπουλος Ι., Παπανικολάου Ρ., Σταυρίδης Κ., Τσακίρης Μ., Χατζηδάκης Ε., Χριστοδούλου Ν.

ΔΙΑΜΑΡΤΥΡΙΑ ΥΠΟΨΗΦΙΩΝ

Ἀθῆναι, 13. — Ἐδημοσιεύθησαν αἱ ἐγγραφαὶ πτυχιούχων ἀνωτάτων σχολῶν εἰς τὴν νομικὴν σχολὴν καὶ εἰς τὸ τμῆμα Οἰκονομικῶν καὶ Πολιτικῶν Ἐπιστημῶν. Οἱ κατωτέρω ἐνεγράφησαν ὡς φοιτηταί: Ἀγγελίδης Γ., Ἀγγελόπουλος Κ., Ἀθανασίου Δ., Ἀλεξανδρῆς Π., Ἀναστασιάδης Ι., Ἀνδρεάδης Ν., Ἀντωνόπουλος Σ., Ἀποστολίδης Θ., Βασιλείου Ε., Βλάχος Χ., Γεωργίου Α., Γιαννακόπουλος Μ., Δημητρίου Κ., Ζαχαρίου Λ., Ἠλιόπουλος Φ., Θεοδωρίδης Ν., Ἰωάννου Π., Καλογεροπούλου Ε., Καραγιάννης Σ., Κωνσταντίνου Δ., Λαμπράκης Γ., Μαυρίδης Α., Νικολαΐδης Τ., Οἰκονόμου Β., Παπαδόπουλος Ι., Παπανικολάου Ρ., Σταυρίδης Κ., Τσακίρης Μ., Χατζηδάκης Ε., Χριστοδούλου Ν.

ΕΛΛΗΝΙΚΟΝ ΦΟΡΤΗΓΟΝ ΚΙΝΔΥΝΕΥΕΙ ΕΙΣ ΤΗΝ ΜΑΓΧΗΝ
ΚΙΝΕΖΙΚΟΝ ΕΒΥΘΙΣΘΗ ΕΙΣ ΤΗΝ ΙΑΠΩΝΙΚΗΝ ΘΑΛΑΣΣΑΝ
ΔΙΕΣΩΘΗΣΑΝ 17 ΑΝΔΡΕΣ ΕΚ ΤΩΝ 43 ΤΟΥ ΠΛΗΡΩΜΑΤΟΣ
Η ΑΠΟΧΗ ΤΩΝ ΔΙΚΑΣΤΙΚΩΝ ΕΚ ΤΩΝ ΕΠΙΤΡΟΠΩΝ Ι.Κ.Α. ΔΙ' ΑΠΟΝΟΜΗΝ ΣΥΝΤΑΞΕΩΝ

ΛΟΝΔΙΝΟΝ, 13. (Ασ. Πρ.) — Το ελληνικόν φορτηγόν διέτρεχε σοβαρόν κίνδυνον εις την Μάγχην λόγω της θαλασσοταραχής. Ναυαγοσωστικά σκάφη έσπευσαν προς βοήθειαν του πληρώματος. ΤΟΚΙΟ, 13. — Κινεζικόν φορτηγόν εβυθίσθη εις την Ιαπωνικήν θάλασσαν. Διεσώθησαν 17 άνδρες εκ των 43 του πληρώματος, ενώ αι έρευναι διά τους λοιπούς συνεχίζονται.

ΕΜΠΟΡΙΚΗ ΑΠΟΣΤΟΛΗ ΤΟΥ ΛΟΓΑΝΙΣΤΑΝ ΕΙΣ ΤΟ ΒΕΛΙΓΡΑΔΙΟΝ

ΛΟΝΔΙΝΟΝ, 13. (Ασ. Πρ.) — Το ελληνικόν φορτηγόν διέτρεχε σοβαρόν κίνδυνον εις την Μάγχην λόγω της θαλασσοταραχής. Ναυαγοσωστικά σκάφη έσπευσαν προς βοήθειαν του πληρώματος. ΤΟΚΙΟ, 13. — Κινεζικόν φορτηγόν εβυθίσθη εις την Ιαπωνικήν θάλασσαν. Διεσώθησαν 17 άνδρες εκ των 43 του πληρώματος, ενώ αι έρευναι διά τους λοιπούς συνεχίζονται.

ΙΔΡΥΕΤΑΙ ΜΟΝΙΜΟΣ ΓΡΑΜΜΑΤΕΙΑ ΤΗΣ ΚΟΙΝΟΠΟΛΙΤΕΙΑΣ

ΛΟΝΔΙΝΟΝ, 13. (Ασ. Πρ.) — Το ελληνικόν φορτηγόν διέτρεχε σοβαρόν κίνδυνον εις την Μάγχην λόγω της θαλασσοταραχής. Ναυαγοσωστικά σκάφη έσπευσαν προς βοήθειαν του πληρώματος. ΤΟΚΙΟ, 13. — Κινεζικόν φορτηγόν εβυθίσθη εις την Ιαπωνικήν θάλασσαν. Διεσώθησαν 17 άνδρες εκ των 43 του πληρώματος, ενώ αι έρευναι διά τους λοιπούς συνεχίζονται.

Ο Κ. ΜΠΟΥΡΓΚΙΜΠΑ ΘΑ ΕΠΙΣΚΕΦΘΗ ΤΗΝ ΤΟΥΡΚΙΑΝ

ΛΟΝΔΙΝΟΝ, 13. (Ασ. Πρ.) — Το ελληνικόν φορτηγόν διέτρεχε σοβαρόν κίνδυνον εις την Μάγχην λόγω της θαλασσοταραχής. Ναυαγοσωστικά σκάφη έσπευσαν προς βοήθειαν του πληρώματος. ΤΟΚΙΟ, 13. — Κινεζικόν φορτηγόν εβυθίσθη εις την Ιαπωνικήν θάλασσαν. Διεσώθησαν 17 άνδρες εκ των 43 του πληρώματος, ενώ αι έρευναι διά τους λοιπούς συνεχίζονται.

ΛΟΝΔΙΝΟΝ, 13. (Ασ. Πρ.) — Το ελληνικόν φορτηγόν διέτρεχε σοβαρόν κίνδυνον εις την Μάγχην λόγω της θαλασσοταραχής. Ναυαγοσωστικά σκάφη έσπευσαν προς βοήθειαν του πληρώματος. ΤΟΚΙΟ, 13. — Κινεζικόν φορτηγόν εβυθίσθη εις την Ιαπωνικήν θάλασσαν. Διεσώθησαν 17 άνδρες εκ των 43 του πληρώματος, ενώ αι έρευναι διά τους λοιπούς συνεχίζονται.

ΚΙΝΔΥΝΕΥΕΙ ΦΟΡΤΗΓΟΝ

ΛΟΝΔΙΝΟΝ, 13. (Ασ. Πρ.) — Το ελληνικόν φορτηγόν διέτρεχε σοβαρόν κίνδυνον εις την Μάγχην λόγω της θαλασσοταραχής. Ναυαγοσωστικά σκάφη έσπευσαν προς βοήθειαν του πληρώματος. ΤΟΚΙΟ, 13. — Κινεζικόν φορτηγόν εβυθίσθη εις την Ιαπωνικήν θάλασσαν. Διεσώθησαν 17 άνδρες εκ των 43 του πληρώματος, ενώ αι έρευναι διά τους λοιπούς συνεχίζονται.

ΕΤΕΡΟΝ ΕΒΥΘΙΣΘΗ

ΛΟΝΔΙΝΟΝ, 13. (Ασ. Πρ.) — Το ελληνικόν φορτηγόν διέτρεχε σοβαρόν κίνδυνον εις την Μάγχην λόγω της θαλασσοταραχής. Ναυαγοσωστικά σκάφη έσπευσαν προς βοήθειαν του πληρώματος. ΤΟΚΙΟ, 13. — Κινεζικόν φορτηγόν εβυθίσθη εις την Ιαπωνικήν θάλασσαν. Διεσώθησαν 17 άνδρες εκ των 43 του πληρώματος, ενώ αι έρευναι διά τους λοιπούς συνεχίζονται.

ΑΠΟΛΛΥΣΙΣ ΕΛΛΗΝ ΝΑΥΤΙΚΟΣ

ΛΟΝΔΙΝΟΝ, 13. (Ασ. Πρ.) — Το ελληνικόν φορτηγόν διέτρεχε σοβαρόν κίνδυνον εις την Μάγχην λόγω της θαλασσοταραχής. Ναυαγοσωστικά σκάφη έσπευσαν προς βοήθειαν του πληρώματος. ΤΟΚΙΟ, 13. — Κινεζικόν φορτηγόν εβυθίσθη εις την Ιαπωνικήν θάλασσαν. Διεσώθησαν 17 άνδρες εκ των 43 του πληρώματος, ενώ αι έρευναι διά τους λοιπούς συνεχίζονται.

ΠΥΡΚΑΙΑ ΕΠΙ ΧΙΛΙΑΝΟΥ

ΛΟΝΔΙΝΟΝ, 13. (Ασ. Πρ.) — Το ελληνικόν φορτηγόν διέτρεχε σοβαρόν κίνδυνον εις την Μάγχην λόγω της θαλασσοταραχής. Ναυαγοσωστικά σκάφη έσπευσαν προς βοήθειαν του πληρώματος. ΤΟΚΙΟ, 13. — Κινεζικόν φορτηγόν εβυθίσθη εις την Ιαπωνικήν θάλασσαν. Διεσώθησαν 17 άνδρες εκ των 43 του πληρώματος, ενώ αι έρευναι διά τους λοιπούς συνεχίζονται.

ΑΠΑΙΤΕΙΤΑΙ ΔΑΠΑΝΗ 1.368.000.000 ΛΙΡΩΝ ΣΤΕΡΛΙΝΩΝ ΔΙ' ΕΚΣΥΓΧΡΟΝΙΣΜΟΝ ΤΩΝ ΑΓΓΛΙΚΩΝ ΣΧΟΛΙΚΩΝ ΚΤΙΡΙΩΝ
ΠΛΕΙΣΤΑ ΧΡΟΝΟΛΟΓΟΥΝΤΑΙ ΠΕΡΙ ΤΑΣ ΑΡΧΑΣ ΤΟΥ ΑΙΩΝΟΣ

ΛΟΝΔΙΝΟΝ, 13. (Ασ. Πρ.) — Το ελληνικόν φορτηγόν διέτρεχε σοβαρόν κίνδυνον εις την Μάγχην λόγω της θαλασσοταραχής. Ναυαγοσωστικά σκάφη έσπευσαν προς βοήθειαν του πληρώματος. ΤΟΚΙΟ, 13. — Κινεζικόν φορτηγόν εβυθίσθη εις την Ιαπωνικήν θάλασσαν. Διεσώθησαν 17 άνδρες εκ των 43 του πληρώματος, ενώ αι έρευναι διά τους λοιπούς συνεχίζονται.

ΝΤΣΚΟΛΙΚΗ ΕΦΗΜΕΡΙΣ ΘΕΩΡΕΙ ΩΣ ΕΠΙΤΥΧΗ ΤΗΝ ΑΝΤΑΛΛΑΓΗΝ ΕΠΙΣΚΕΨΕΩΝ ΜΕΤΑΞΥ ΤΩΝ ΚΚ. ΟΥΓΙΑΣΟΝ ΚΑΙ ΚΟΣΥΓΚΙΝ

ΛΟΝΔΙΝΟΝ, 13. (Ασ. Πρ.) — Το ελληνικόν φορτηγόν διέτρεχε σοβαρόν κίνδυνον εις την Μάγχην λόγω της θαλασσοταραχής. Ναυαγοσωστικά σκάφη έσπευσαν προς βοήθειαν του πληρώματος. ΤΟΚΙΟ, 13. — Κινεζικόν φορτηγόν εβυθίσθη εις την Ιαπωνικήν θάλασσαν. Διεσώθησαν 17 άνδρες εκ των 43 του πληρώματος, ενώ αι έρευναι διά τους λοιπούς συνεχίζονται.

ΔΙΕΘΝΗ ΕΠΙΤΡΟΠΗΝ ΠΡΟΣ ΕΞΕΤΑΣΙΝ ΤΟΥ ΓΕΡΜΑΝΙΚΟΥ ΖΗΤΕΙ ΤΟ ΥΠΟΥΡΓΙΚΟΝ ΣΥΜΒΟΥΛΙΟΝ ΤΗΣ Δ. ΓΕΡΜΑΝΙΑΣ

ΛΟΝΔΙΝΟΝ, 13. (Ασ. Πρ.) — Το ελληνικόν φορτηγόν διέτρεχε σοβαρόν κίνδυνον εις την Μάγχην λόγω της θαλασσοταραχής. Ναυαγοσωστικά σκάφη έσπευσαν προς βοήθειαν του πληρώματος. ΤΟΚΙΟ, 13. — Κινεζικόν φορτηγόν εβυθίσθη εις την Ιαπωνικήν θάλασσαν. Διεσώθησαν 17 άνδρες εκ των 43 του πληρώματος, ενώ αι έρευναι διά τους λοιπούς συνεχίζονται.

ΤΑ ΕΡΓΟΣΤΑΣΙΑ ΙΜΑΤΙΣΜΟΥ ΤΗΣ ΣΟΒ. ΡΩΣΙΑΣ ΑΠΑΛΛΑΣΣΟΝΤΑΙ ΤΟΥ ΚΡΑΤΙΚΟΥ ΕΛΕΓΧΟΥ
Ο ΥΙΟΣ ΤΟΥ ΧΑΡΟΛΔ ΝΥΜΦΕΥΕΤΑΙ ΤΗΝ ΗΘΟΠΟΙΟΝ ΤΖΩΝΣ

ΛΟΝΔΙΝΟΝ, 13. (Ασ. Πρ.) — Το ελληνικόν φορτηγόν διέτρεχε σοβαρόν κίνδυνον εις την Μάγχην λόγω της θαλασσοταραχής. Ναυαγοσωστικά σκάφη έσπευσαν προς βοήθειαν του πληρώματος. ΤΟΚΙΟ, 13. — Κινεζικόν φορτηγόν εβυθίσθη εις την Ιαπωνικήν θάλασσαν. Διεσώθησαν 17 άνδρες εκ των 43 του πληρώματος, ενώ αι έρευναι διά τους λοιπούς συνεχίζονται.

ΛΟΝΔΙΝΟΝ, 13. (Ασ. Πρ.) — Το ελληνικόν φορτηγόν διέτρεχε σοβαρόν κίνδυνον εις την Μάγχην λόγω της θαλασσοταραχής. Ναυαγοσωστικά σκάφη έσπευσαν προς βοήθειαν του πληρώματος. ΤΟΚΙΟ, 13. — Κινεζικόν φορτηγόν εβυθίσθη εις την Ιαπωνικήν θάλασσαν. Διεσώθησαν 17 άνδρες εκ των 43 του πληρώματος, ενώ αι έρευναι διά τους λοιπούς συνεχίζονται.

Η ΣΥΡΙΑ ΕΠΙΘΥΜΕΙ ΣΤΕΝΩΤΕΡΑΝ ΣΥΝΕΡΓΑΣΙΑΝ ΜΕΘ' ΟΛΩΝ ΤΩΝ ΣΟΣΙΑΛΙΣΤΙΚΩΝ ΚΟΜΜΑΤΩΝ
ΑΠΕΡΓΟΥΝ ΣΤΗΝ ΤΡΙΤΗΝ ΟΙ ΒΟΗΘΟΙ ΣΤΑΘΜΑΡΧΩΝ

ΛΟΝΔΙΝΟΝ, 13. (Ασ. Πρ.) — Το ελληνικόν φορτηγόν διέτρεχε σοβαρόν κίνδυνον εις την Μάγχην λόγω της θαλασσοταραχής. Ναυαγοσωστικά σκάφη έσπευσαν προς βοήθειαν του πληρώματος. ΤΟΚΙΟ, 13. — Κινεζικόν φορτηγόν εβυθίσθη εις την Ιαπωνικήν θάλασσαν. Διεσώθησαν 17 άνδρες εκ των 43 του πληρώματος, ενώ αι έρευναι διά τους λοιπούς συνεχίζονται.

ΙΚΑΝΟΠΟΙΗΜΕΝΟΙ ΟΙ ΠΑΡΑΓΩΓΟΙ ΤΗΣ ΑΡΤΗΣ ΜΕ ΤΑ ΛΗΦΘΕΝΤΑ ΝΕΑ ΚΥΒΕΡΝΗΤΙΚΑ ΜΕΤΡΑ
ΣΥΝΕΧΕΙΑ ΕΚ ΤΗΣ 1ης ΣΕΛΙΔΟΣ

ΛΟΝΔΙΝΟΝ, 13. (Ασ. Πρ.) — Το ελληνικόν φορτηγόν διέτρεχε σοβαρόν κίνδυνον εις την Μάγχην λόγω της θαλασσοταραχής. Ναυαγοσωστικά σκάφη έσπευσαν προς βοήθειαν του πληρώματος. ΤΟΚΙΟ, 13. — Κινεζικόν φορτηγόν εβυθίσθη εις την Ιαπωνικήν θάλασσαν. Διεσώθησαν 17 άνδρες εκ των 43 του πληρώματος, ενώ αι έρευναι διά τους λοιπούς συνεχίζονται.

ΛΟΝΔΙΝΟΝ, 13. (Ασ. Πρ.) — Το ελληνικόν φορτηγόν διέτρεχε σοβαρόν κίνδυνον εις την Μάγχην λόγω της θαλασσοταραχής. Ναυαγοσωστικά σκάφη έσπευσαν προς βοήθειαν του πληρώματος. ΤΟΚΙΟ, 13. — Κινεζικόν φορτηγόν εβυθίσθη εις την Ιαπωνικήν θάλασσαν. Διεσώθησαν 17 άνδρες εκ των 43 του πληρώματος, ενώ αι έρευναι διά τους λοιπούς συνεχίζονται.
